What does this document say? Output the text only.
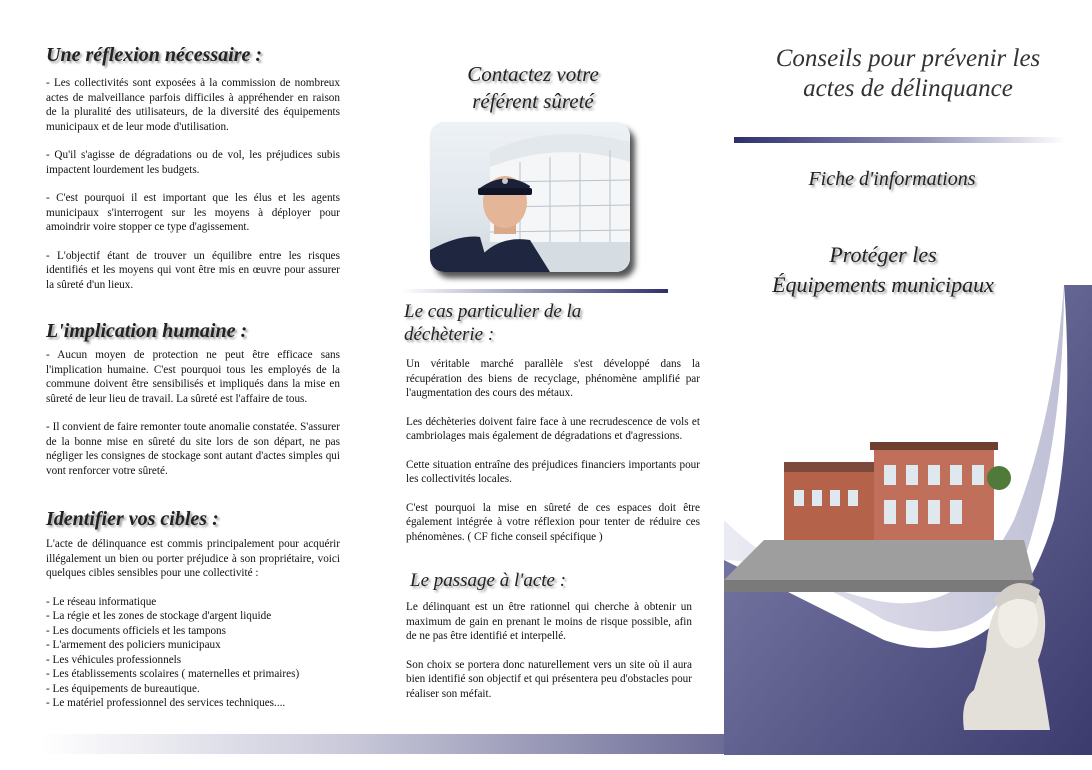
Une réflexion nécessaire :

- Les collectivités sont exposées à la commission de nombreux actes de malveillance parfois difficiles à appréhender en raison de la pluralité des utilisateurs, de la diversité des équipements municipaux et de leur mode d'utilisation.

- Qu'il s'agisse de dégradations ou de vol, les préjudices subis impactent lourdement les budgets.

- C'est pourquoi il est important que les élus et les agents municipaux s'interrogent sur les moyens à déployer pour amoindrir voire stopper ce type d'agissement.

- L'objectif étant de trouver un équilibre entre les risques identifiés et les moyens qui vont être mis en œuvre pour assurer la sûreté d'un lieux.

L'implication humaine :

- Aucun moyen de protection ne peut être efficace sans l'implication humaine. C'est pourquoi tous les employés de la commune doivent être sensibilisés et impliqués dans la mise en sûreté de leur lieu de travail. La sûreté est l'affaire de tous.

- Il convient de faire remonter toute anomalie constatée. S'assurer de la bonne mise en sûreté du site lors de son départ, ne pas négliger les consignes de stockage sont autant d'actes simples qui vont renforcer votre sûreté.

Identifier vos cibles :

L'acte de délinquance est commis principalement pour acquérir illégalement un bien ou porter préjudice à son propriétaire, voici quelques cibles sensibles pour une collectivité :

- Le réseau informatique
- La régie et les zones de stockage d'argent liquide
- Les documents officiels et les tampons
- L'armement des policiers municipaux
- Les véhicules professionnels
- Les établissements scolaires ( maternelles et primaires)
- Les équipements de bureautique.
- Le matériel professionnel des services techniques....
Contactez votre
référent sûreté
Le cas particulier de la
déchèterie :

Un véritable marché parallèle s'est développé dans la récupération des biens de recyclage, phénomène amplifié par l'augmentation des cours des métaux.

Les déchèteries doivent faire face à une recrudescence de vols et cambriolages mais également de dégradations et d'agressions.

Cette situation entraîne des préjudices financiers importants pour les collectivités locales.

C'est pourquoi la mise en sûreté de ces espaces doit être également intégrée à votre réflexion pour tenter de réduire ces phénomènes. ( CF fiche conseil spécifique )

Le passage à l'acte :

Le délinquant est un être rationnel qui cherche à obtenir un maximum de gain en prenant le moins de risque possible, afin de ne pas être identifié et interpellé.

Son choix se portera donc naturellement vers un site où il aura bien identifié son objectif et qui présentera peu d'obstacles pour réaliser son méfait.

Conseils pour prévenir les
actes de délinquance
Fiche d'informations
Protéger les
Équipements municipaux
